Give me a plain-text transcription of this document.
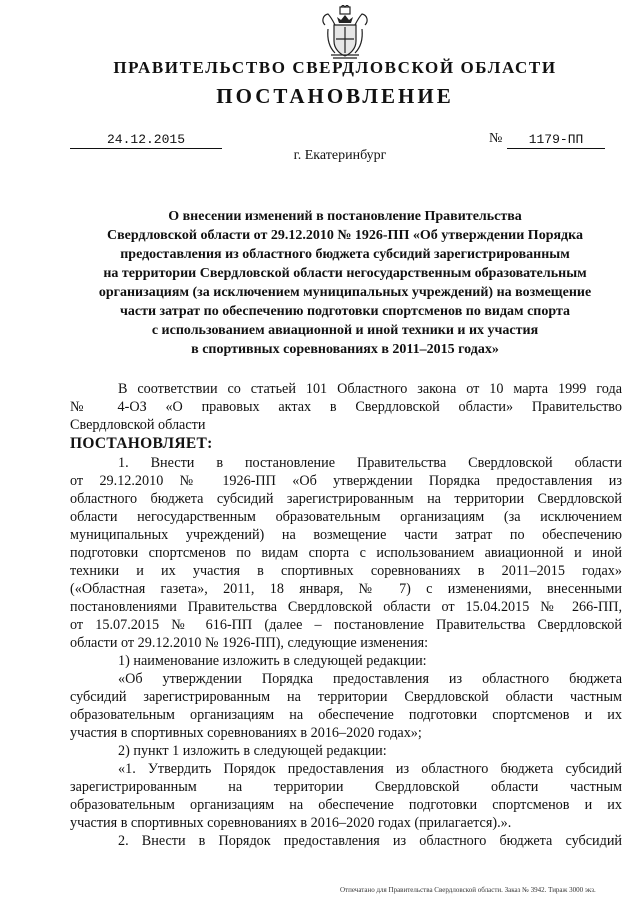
ПРАВИТЕЛЬСТВО СВЕРДЛОВСКОЙ ОБЛАСТИ
ПОСТАНОВЛЕНИЕ
24.12.2015	№	1179-ПП
г. Екатеринбург
О внесении изменений в постановление Правительства
Свердловской области от 29.12.2010 № 1926-ПП «Об утверждении Порядка
предоставления из областного бюджета субсидий зарегистрированным
на территории Свердловской области негосударственным образовательным
организациям (за исключением муниципальных учреждений) на возмещение
части затрат по обеспечению подготовки спортсменов по видам спорта
с использованием авиационной и иной техники и их участия
в спортивных соревнованиях в 2011–2015 годах»
В соответствии со статьей 101 Областного закона от 10 марта 1999 года
№ 4-ОЗ «О правовых актах в Свердловской области» Правительство
Свердловской области
ПОСТАНОВЛЯЕТ:
1. Внести в постановление Правительства Свердловской области
от 29.12.2010 № 1926-ПП «Об утверждении Порядка предоставления из
областного бюджета субсидий зарегистрированным на территории Свердловской
области негосударственным образовательным организациям (за исключением
муниципальных учреждений) на возмещение части затрат по обеспечению
подготовки спортсменов по видам спорта с использованием авиационной и иной
техники и их участия в спортивных соревнованиях в 2011–2015 годах»
(«Областная газета», 2011, 18 января, № 7) с изменениями, внесенными
постановлениями Правительства Свердловской области от 15.04.2015 № 266-ПП,
от 15.07.2015 № 616-ПП (далее – постановление Правительства Свердловской
области от 29.12.2010 № 1926-ПП), следующие изменения:
1) наименование изложить в следующей редакции:
«Об утверждении Порядка предоставления из областного бюджета
субсидий зарегистрированным на территории Свердловской области частным
образовательным организациям на обеспечение подготовки спортсменов и их
участия в спортивных соревнованиях в 2016–2020 годах»;
2) пункт 1 изложить в следующей редакции:
«1. Утвердить Порядок предоставления из областного бюджета субсидий
зарегистрированным на территории Свердловской области частным
образовательным организациям на обеспечение подготовки спортсменов и их
участия в спортивных соревнованиях в 2016–2020 годах (прилагается).».
2. Внести в Порядок предоставления из областного бюджета субсидий
Отпечатано для Правительства Свердловской области. Заказ № 3942. Тираж 3000 экз.
